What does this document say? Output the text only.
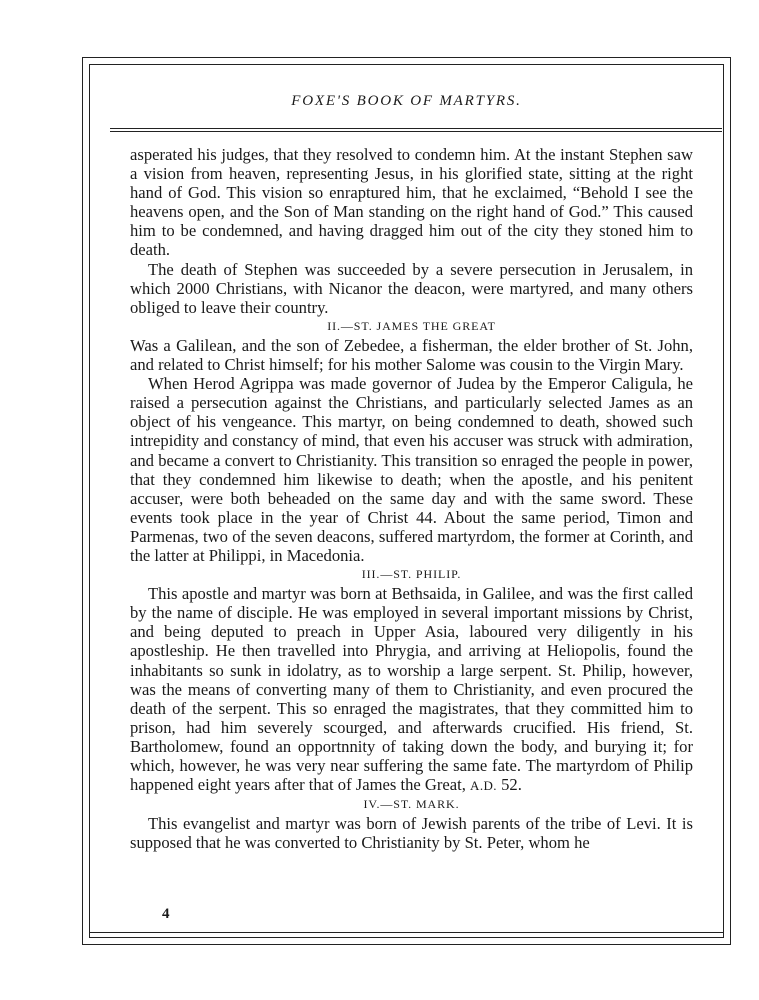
FOXE'S BOOK OF MARTYRS.

asperated his judges, that they resolved to condemn him. At the instant Stephen saw a vision from heaven, representing Jesus, in his glorified state, sitting at the right hand of God. This vision so enraptured him, that he exclaimed, “Behold I see the heavens open, and the Son of Man standing on the right hand of God.” This caused him to be condemned, and having dragged him out of the city they stoned him to death.

The death of Stephen was succeeded by a severe persecution in Jerusalem, in which 2000 Christians, with Nicanor the deacon, were martyred, and many others obliged to leave their country.

II.—ST. JAMES THE GREAT

Was a Galilean, and the son of Zebedee, a fisherman, the elder brother of St. John, and related to Christ himself; for his mother Salome was cousin to the Virgin Mary.

When Herod Agrippa was made governor of Judea by the Emperor Caligula, he raised a persecution against the Christians, and particularly selected James as an object of his vengeance. This martyr, on being condemned to death, showed such intrepidity and constancy of mind, that even his accuser was struck with admiration, and became a convert to Christianity. This transition so enraged the people in power, that they condemned him likewise to death; when the apostle, and his penitent accuser, were both beheaded on the same day and with the same sword. These events took place in the year of Christ 44. About the same period, Timon and Parmenas, two of the seven deacons, suffered martyrdom, the former at Corinth, and the latter at Philippi, in Macedonia.

III.—ST. PHILIP.

This apostle and martyr was born at Bethsaida, in Galilee, and was the first called by the name of disciple. He was employed in several important missions by Christ, and being deputed to preach in Upper Asia, laboured very diligently in his apostleship. He then travelled into Phrygia, and arriving at Heliopolis, found the inhabitants so sunk in idolatry, as to worship a large serpent. St. Philip, however, was the means of converting many of them to Christianity, and even procured the death of the serpent. This so enraged the magistrates, that they committed him to prison, had him severely scourged, and afterwards crucified. His friend, St. Bartholomew, found an opportnnity of taking down the body, and burying it; for which, however, he was very near suffering the same fate. The martyrdom of Philip happened eight years after that of James the Great, A.D. 52.

IV.—ST. MARK.

This evangelist and martyr was born of Jewish parents of the tribe of Levi. It is supposed that he was converted to Christianity by St. Peter, whom he

4
